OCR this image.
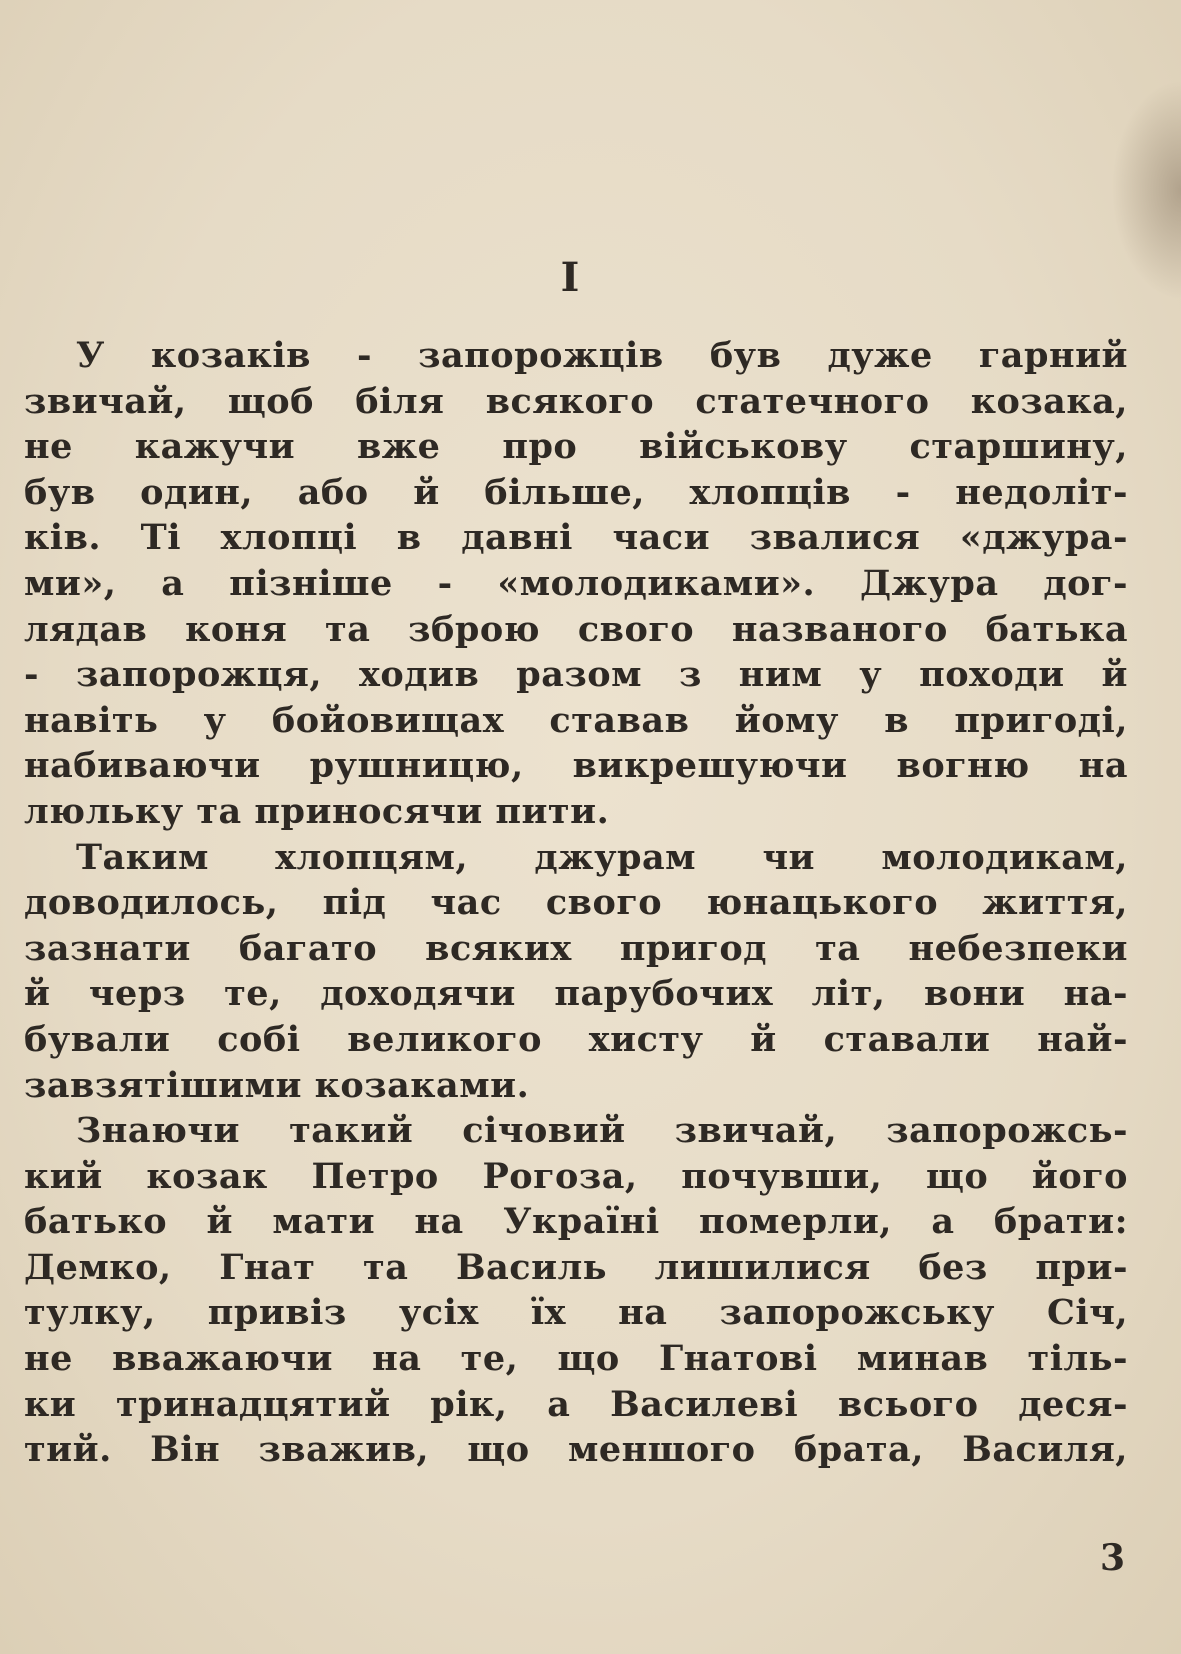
I
У козаків - запорожців був дуже гарний
звичай, щоб біля всякого статечного козака,
не кажучи вже про військову старшину,
був один, або й більше, хлопців - недоліт-
ків. Ті хлопці в давні часи звалися «джура-
ми», а пізніше - «молодиками». Джура дог-
лядав коня та зброю свого названого батька
- запорожця, ходив разом з ним у походи й
навіть у бойовищах ставав йому в пригоді,
набиваючи рушницю, викрешуючи вогню на
люльку та приносячи пити.
Таким хлопцям, джурам чи молодикам,
доводилось, під час свого юнацького життя,
зазнати багато всяких пригод та небезпеки
й черз те, доходячи парубочих літ, вони на-
бували собі великого хисту й ставали най-
завзятішими козаками.
Знаючи такий січовий звичай, запорожсь-
кий козак Петро Рогоза, почувши, що його
батько й мати на Україні померли, а брати:
Демко, Гнат та Василь лишилися без при-
тулку, привіз усіх їх на запорожську Січ,
не вважаючи на те, що Гнатові минав тіль-
ки тринадцятий рік, а Василеві всього деся-
тий. Він зважив, що меншого брата, Василя,
3
